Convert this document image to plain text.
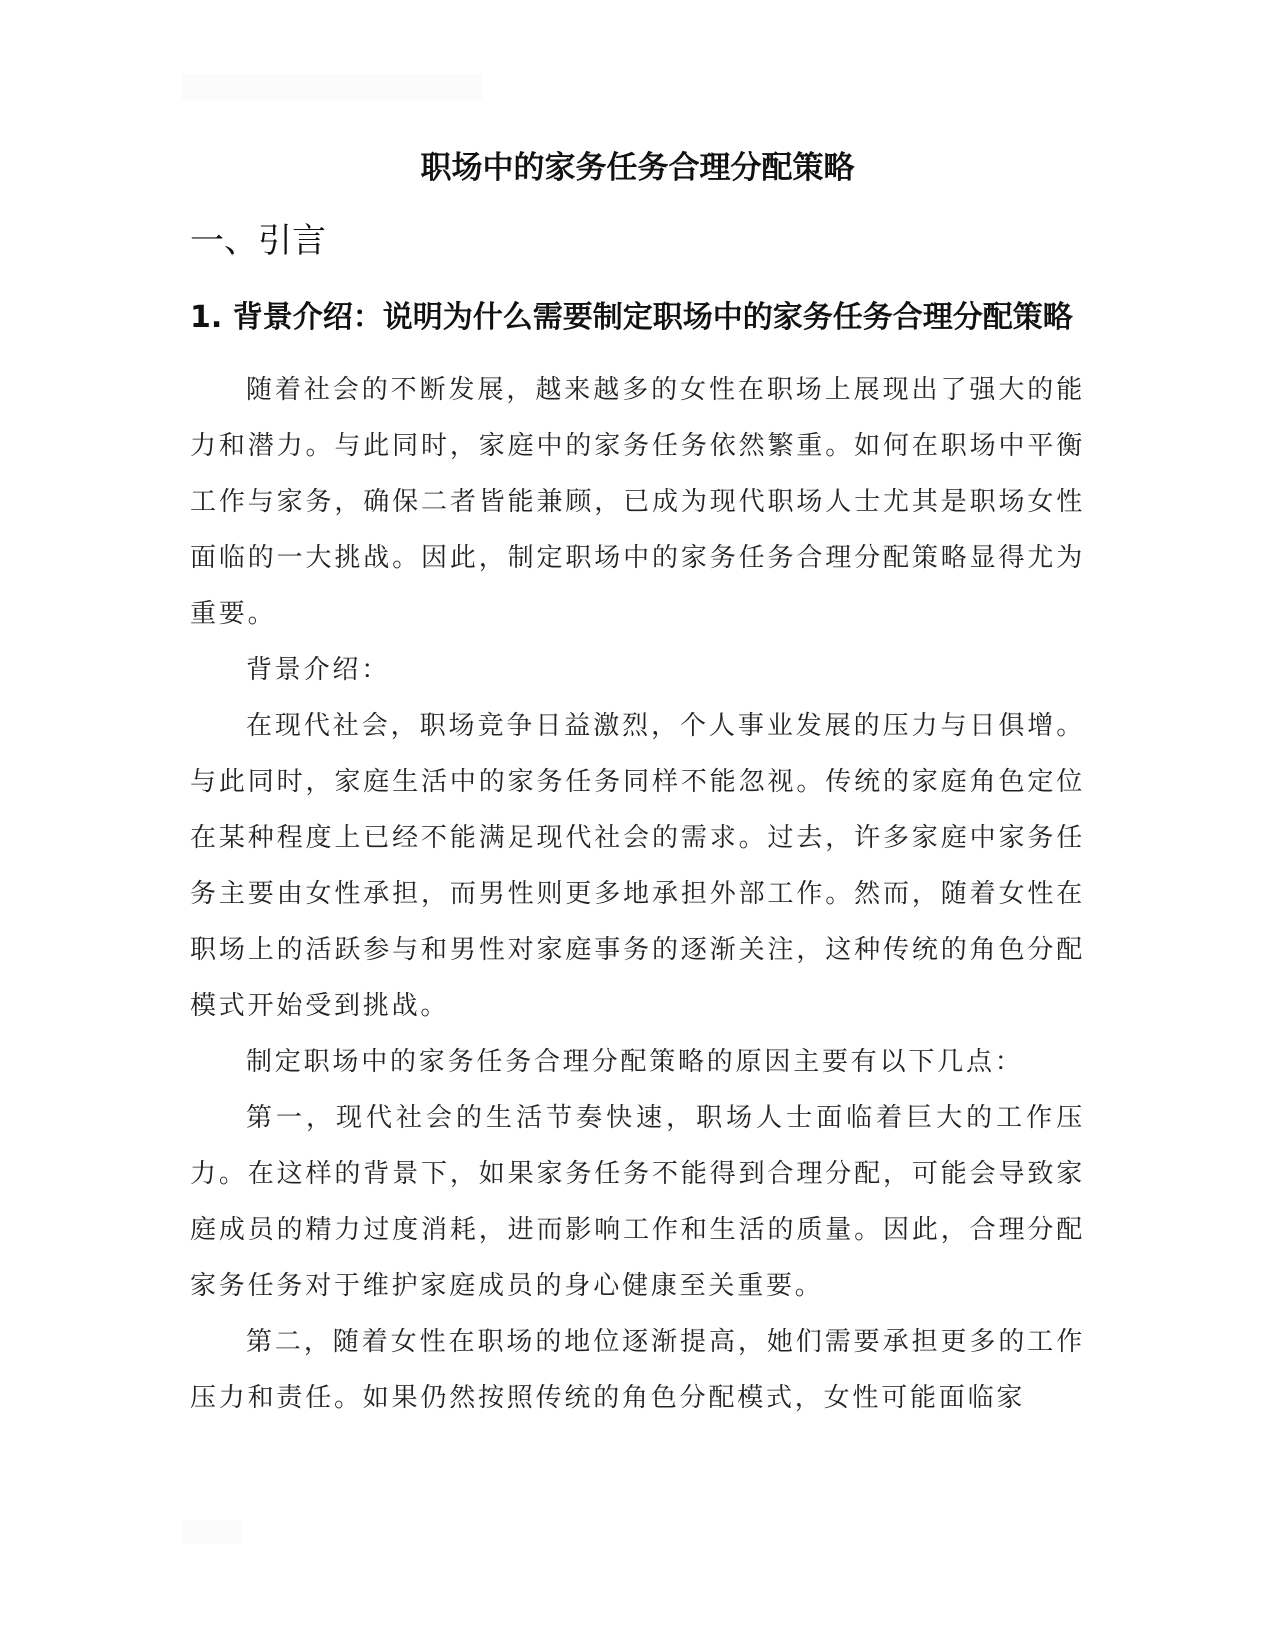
职场中的家务任务合理分配策略
一、引言
1. 背景介绍：说明为什么需要制定职场中的家务任务合理分配策略

随着社会的不断发展，越来越多的女性在职场上展现出了强大的能力和潜力。与此同时，家庭中的家务任务依然繁重。如何在职场中平衡工作与家务，确保二者皆能兼顾，已成为现代职场人士尤其是职场女性面临的一大挑战。因此，制定职场中的家务任务合理分配策略显得尤为重要。

背景介绍：

在现代社会，职场竞争日益激烈，个人事业发展的压力与日俱增。与此同时，家庭生活中的家务任务同样不能忽视。传统的家庭角色定位在某种程度上已经不能满足现代社会的需求。过去，许多家庭中家务任务主要由女性承担，而男性则更多地承担外部工作。然而，随着女性在职场上的活跃参与和男性对家庭事务的逐渐关注，这种传统的角色分配模式开始受到挑战。

制定职场中的家务任务合理分配策略的原因主要有以下几点：

第一，现代社会的生活节奏快速，职场人士面临着巨大的工作压力。在这样的背景下，如果家务任务不能得到合理分配，可能会导致家庭成员的精力过度消耗，进而影响工作和生活的质量。因此，合理分配家务任务对于维护家庭成员的身心健康至关重要。

第二，随着女性在职场的地位逐渐提高，她们需要承担更多的工作压力和责任。如果仍然按照传统的角色分配模式，女性可能面临家
